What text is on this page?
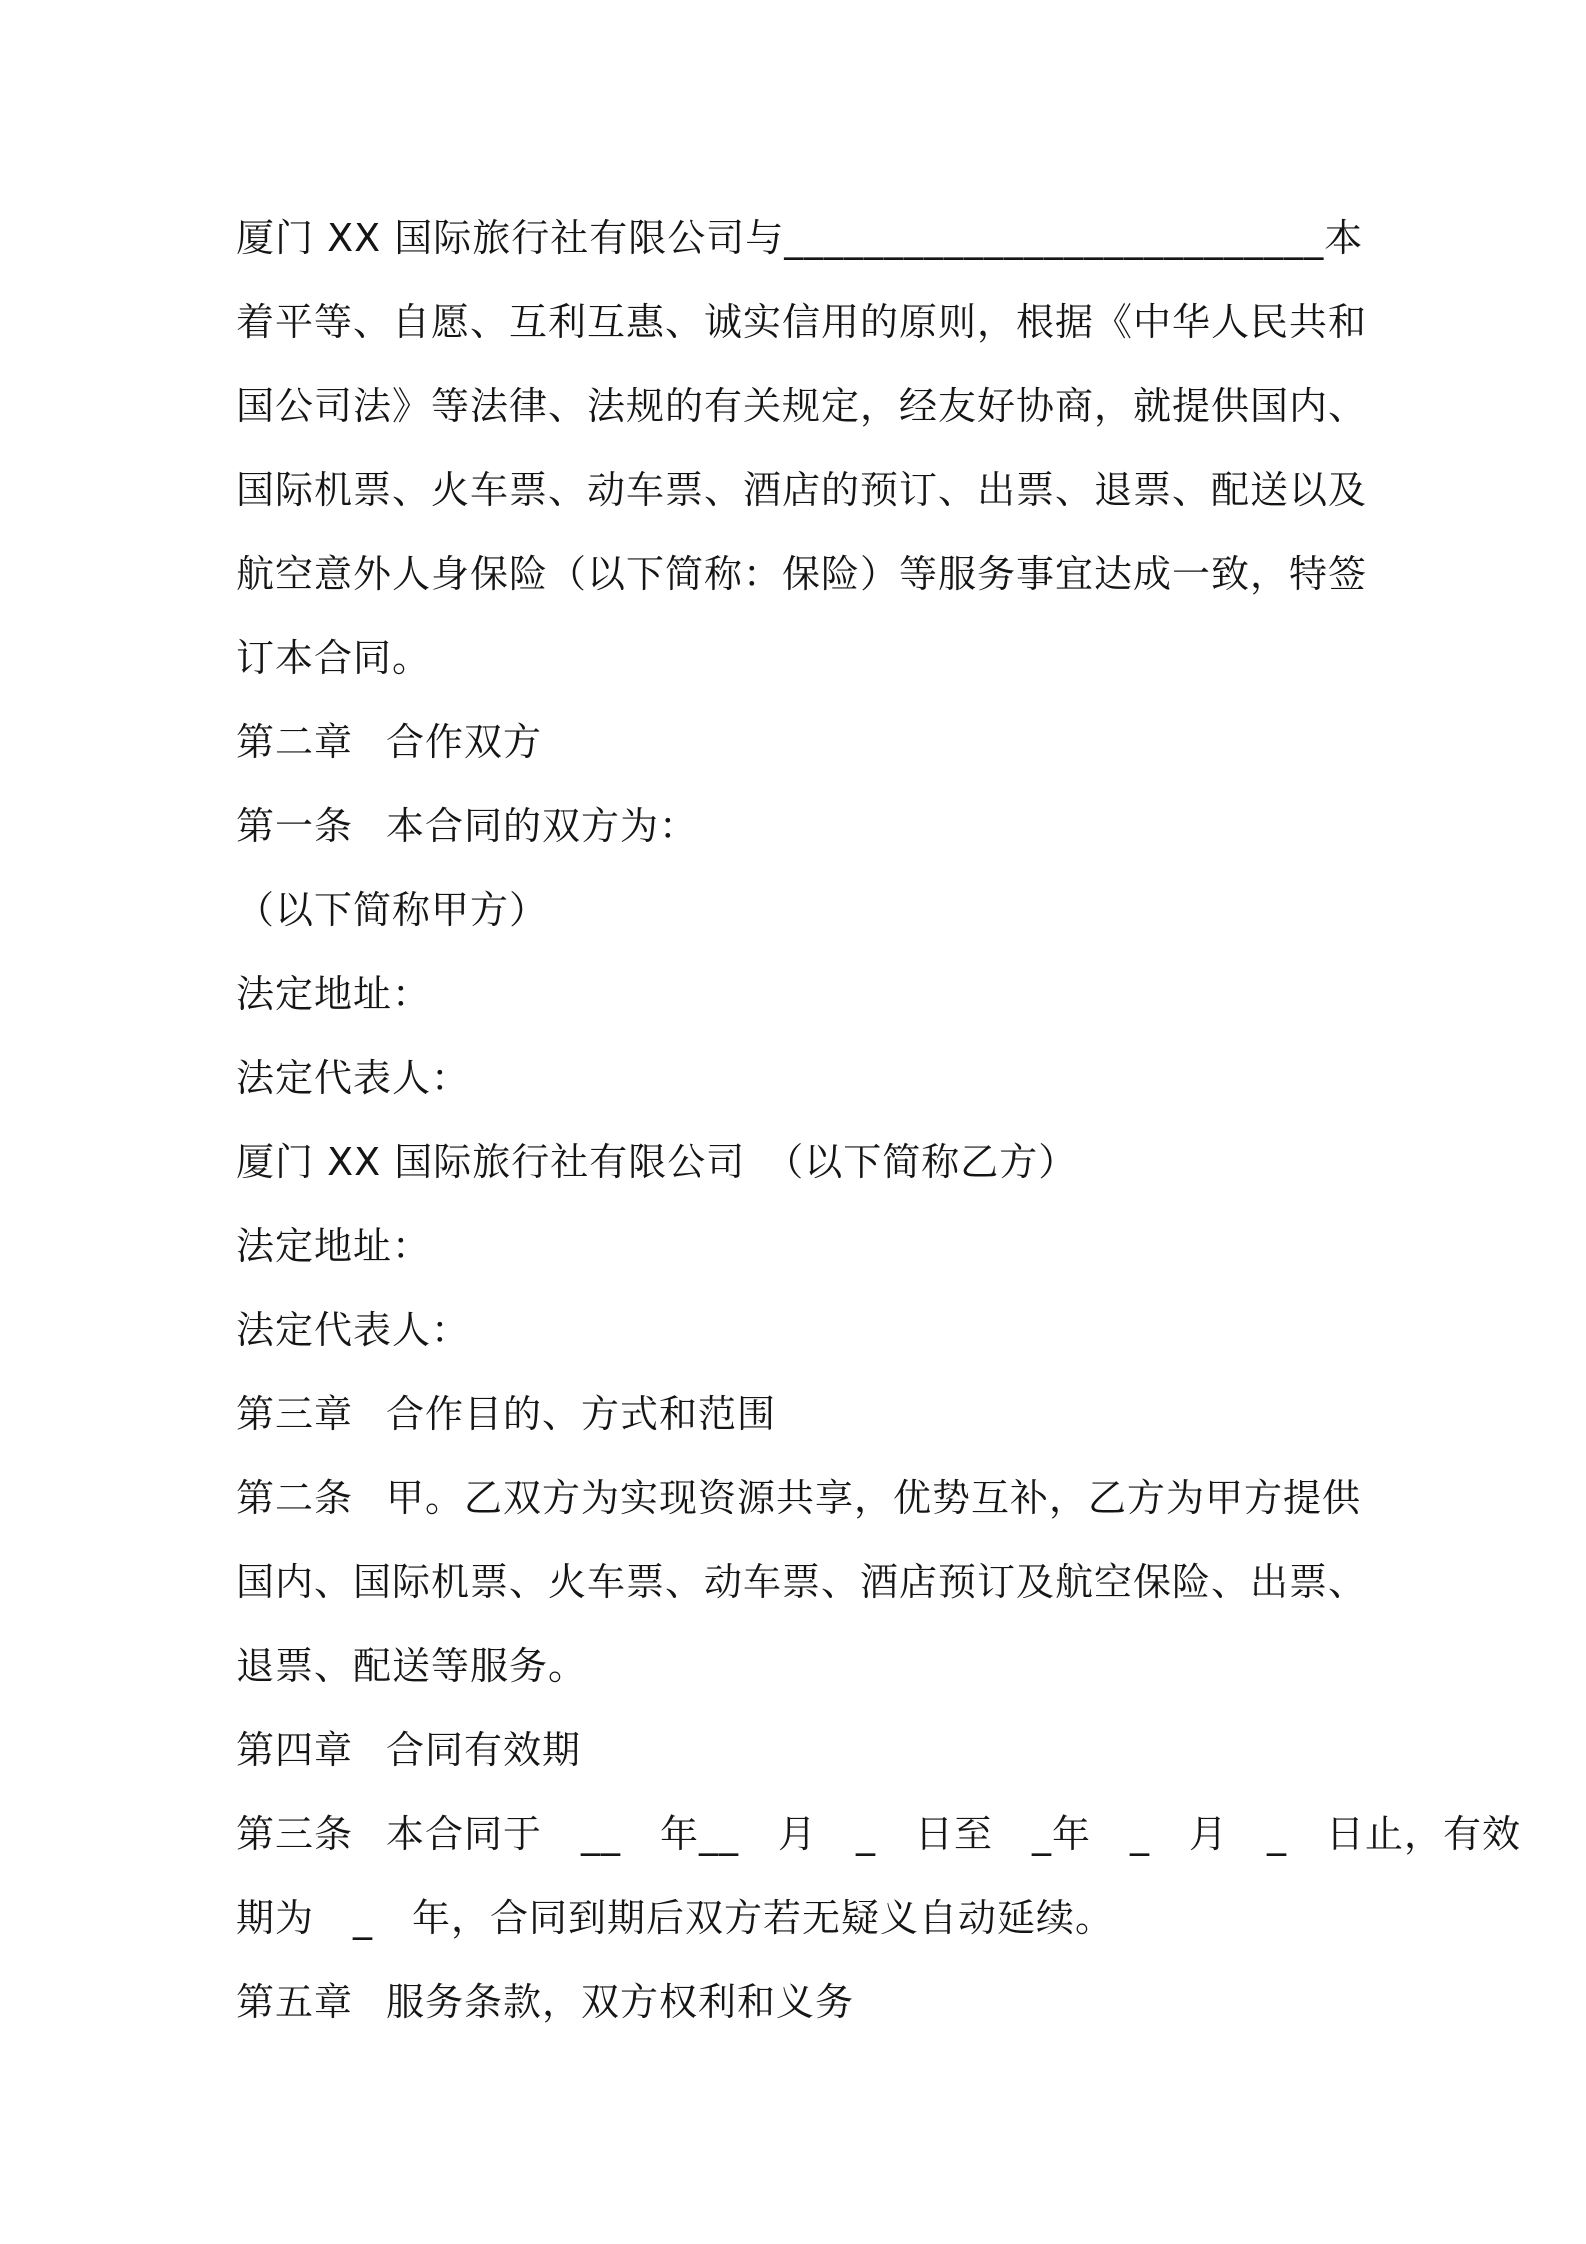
厦门 XX 国际旅行社有限公司与___________________________本
着平等、自愿、互利互惠、诚实信用的原则，根据《中华人民共和
国公司法》等法律、法规的有关规定，经友好协商，就提供国内、
国际机票、火车票、动车票、酒店的预订、出票、退票、配送以及
航空意外人身保险（以下简称：保险）等服务事宜达成一致，特签
订本合同。
第二章 合作双方
第一条 本合同的双方为：
（以下简称甲方）
法定地址：
法定代表人：
厦门 XX 国际旅行社有限公司　（以下简称乙方）
法定地址：
法定代表人：
第三章 合作目的、方式和范围
第二条 甲。乙双方为实现资源共享，优势互补，乙方为甲方提供
国内、国际机票、火车票、动车票、酒店预订及航空保险、出票、
退票、配送等服务。
第四章 合同有效期
第三条 本合同于　__　年__　月　_　日至　_年　_　月　_　日止，有效
期为　_　年，合同到期后双方若无疑义自动延续。
第五章 服务条款，双方权利和义务
